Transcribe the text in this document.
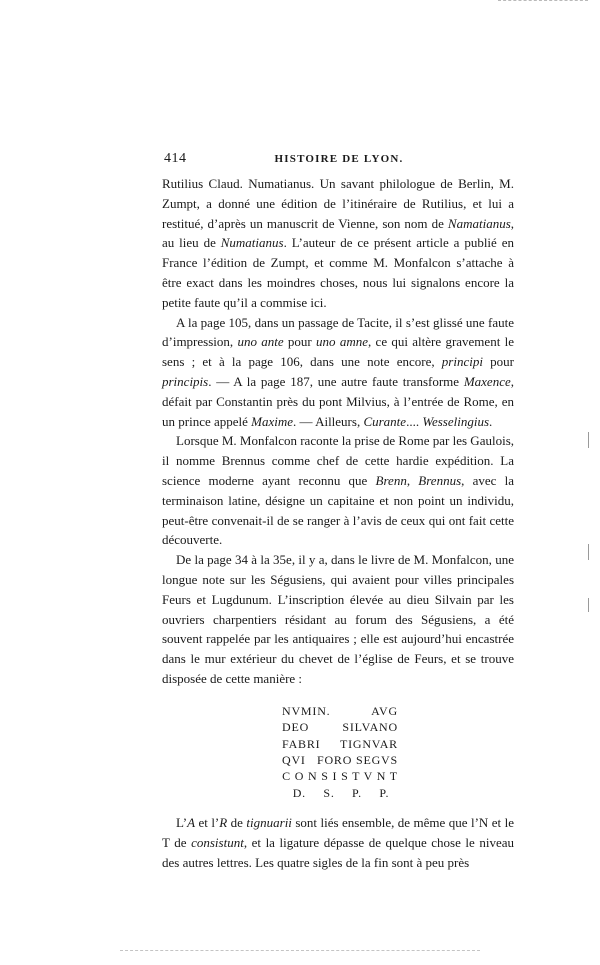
414	HISTOIRE DE LYON.

Rutilius Claud. Numatianus. Un savant philologue de Berlin, M. Zumpt, a donné une édition de l’itinéraire de Rutilius, et lui a restitué, d’après un manuscrit de Vienne, son nom de Namatianus, au lieu de Numatianus. L’auteur de ce présent article a publié en France l’édition de Zumpt, et comme M. Monfalcon s’attache à être exact dans les moindres choses, nous lui signalons encore la petite faute qu’il a commise ici.

A la page 105, dans un passage de Tacite, il s’est glissé une faute d’impression, uno ante pour uno amne, ce qui altère gravement le sens ; et à la page 106, dans une note encore, principi pour principis. — A la page 187, une autre faute transforme Maxence, défait par Constantin près du pont Milvius, à l’entrée de Rome, en un prince appelé Maxime. — Ailleurs, Curante.... Wesselingius.

Lorsque M. Monfalcon raconte la prise de Rome par les Gaulois, il nomme Brennus comme chef de cette hardie expédition. La science moderne ayant reconnu que Brenn, Brennus, avec la terminaison latine, désigne un capitaine et non point un individu, peut-être convenait-il de se ranger à l’avis de ceux qui ont fait cette découverte.

De la page 34 à la 35e, il y a, dans le livre de M. Monfalcon, une longue note sur les Ségusiens, qui avaient pour villes principales Feurs et Lugdunum. L’inscription élevée au dieu Silvain par les ouvriers charpentiers résidant au forum des Ségusiens, a été souvent rappelée par les antiquaires ; elle est aujourd’hui encastrée dans le mur extérieur du chevet de l’église de Feurs, et se trouve disposée de cette manière :

NVMIN.	AVG
DEO	SILVANO
FABRI TIGNVAR
QVI FORO SEGVS
C O N S I S T V N T
D. S. P. P.

L’A et l’R de tignuarii sont liés ensemble, de même que l’N et le T de consistunt, et la ligature dépasse de quelque chose le niveau des autres lettres. Les quatre sigles de la fin sont à peu près
